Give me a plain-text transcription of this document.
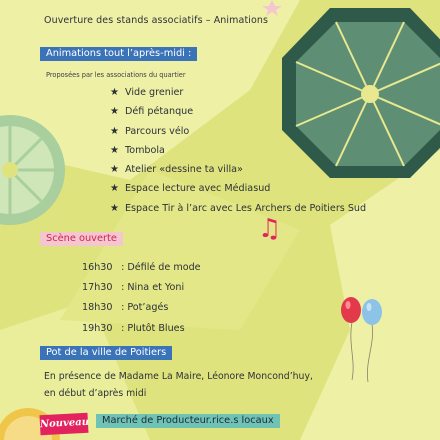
♫
Ouverture des stands associatifs – Animations
Animations tout l’après-midi :
Proposées par les associations du quartier
★ Vide grenier
★ Défi pétanque
★ Parcours vélo
★ Tombola
★ Atelier «dessine ta villa»
★ Espace lecture avec Médiasud
★ Espace Tir à l’arc avec Les Archers de Poitiers Sud
Scène ouverte
16h30 : Défilé de mode
17h30 : Nina et Yoni
18h30 : Pot’agés
19h30 : Plutôt Blues
Pot de la ville de Poitiers
En présence de Madame La Maire, Léonore Moncond’huy,
en début d’après midi
Nouveau	Marché de Producteur.rice.s locaux
